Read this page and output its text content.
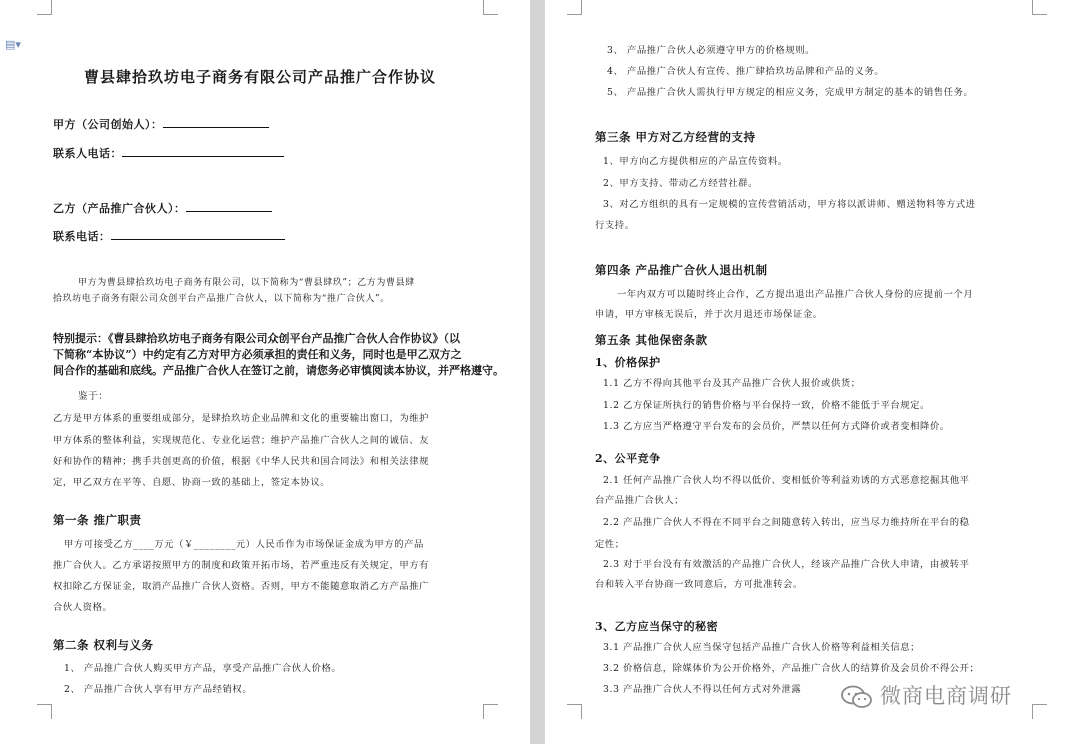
▤▾

曹县肆拾玖坊电子商务有限公司产品推广合作协议

甲方（公司创始人）：

联系人电话：

乙方（产品推广合伙人）：

联系电话：

甲方为曹县肆拾玖坊电子商务有限公司，以下简称为“曹县肆玖”；乙方为曹县肆

拾玖坊电子商务有限公司众创平台产品推广合伙人，以下简称为“推广合伙人”。

特别提示：《曹县肆拾玖坊电子商务有限公司众创平台产品推广合伙人合作协议》（以
下简称“本协议”）中约定有乙方对甲方必须承担的责任和义务，同时也是甲乙双方之
间合作的基础和底线。产品推广合伙人在签订之前，请您务必审慎阅读本协议，并严格遵守。

鉴于：

乙方是甲方体系的重要组成部分，是肆拾玖坊企业品牌和文化的重要输出窗口，为维护

甲方体系的整体利益，实现规范化、专业化运营；维护产品推广合伙人之间的诚信、友

好和协作的精神；携手共创更高的价值，根据《中华人民共和国合同法》和相关法律规

定，甲乙双方在平等、自愿、协商一致的基础上，签定本协议。

第一条 推广职责

甲方可接受乙方____万元（￥________元）人民币作为市场保证金成为甲方的产品

推广合伙人。乙方承诺按照甲方的制度和政策开拓市场，若严重违反有关规定，甲方有

权扣除乙方保证金，取消产品推广合伙人资格。否则，甲方不能随意取消乙方产品推广

合伙人资格。

第二条 权利与义务

1、 产品推广合伙人购买甲方产品，享受产品推广合伙人价格。

2、 产品推广合伙人享有甲方产品经销权。

3、 产品推广合伙人必须遵守甲方的价格规则。

4、 产品推广合伙人有宣传、推广肆拾玖坊品牌和产品的义务。

5、 产品推广合伙人需执行甲方规定的相应义务，完成甲方制定的基本的销售任务。

第三条 甲方对乙方经营的支持

1、甲方向乙方提供相应的产品宣传资料。

2、甲方支持、带动乙方经营社群。

3、对乙方组织的具有一定规模的宣传营销活动，甲方将以派讲师、赠送物料等方式进

行支持。

第四条 产品推广合伙人退出机制

一年内双方可以随时终止合作，乙方提出退出产品推广合伙人身份的应提前一个月

申请，甲方审核无误后，并于次月退还市场保证金。

第五条 其他保密条款

1、价格保护

1.1 乙方不得向其他平台及其产品推广合伙人报价或供货；

1.2 乙方保证所执行的销售价格与平台保持一致，价格不能低于平台规定。

1.3 乙方应当严格遵守平台发布的会员价，严禁以任何方式降价或者变相降价。

2、公平竞争

2.1 任何产品推广合伙人均不得以低价、变相低价等利益劝诱的方式恶意挖掘其他平

台产品推广合伙人；

2.2 产品推广合伙人不得在不同平台之间随意转入转出，应当尽力维持所在平台的稳

定性；

2.3 对于平台没有有效激活的产品推广合伙人，经该产品推广合伙人申请，由被转平

台和转入平台协商一致同意后，方可批准转会。

3、乙方应当保守的秘密

3.1 产品推广合伙人应当保守包括产品推广合伙人价格等利益相关信息；

3.2 价格信息，除媒体价为公开价格外，产品推广合伙人的结算价及会员价不得公开；

3.3 产品推广合伙人不得以任何方式对外泄露	微商电商调研
